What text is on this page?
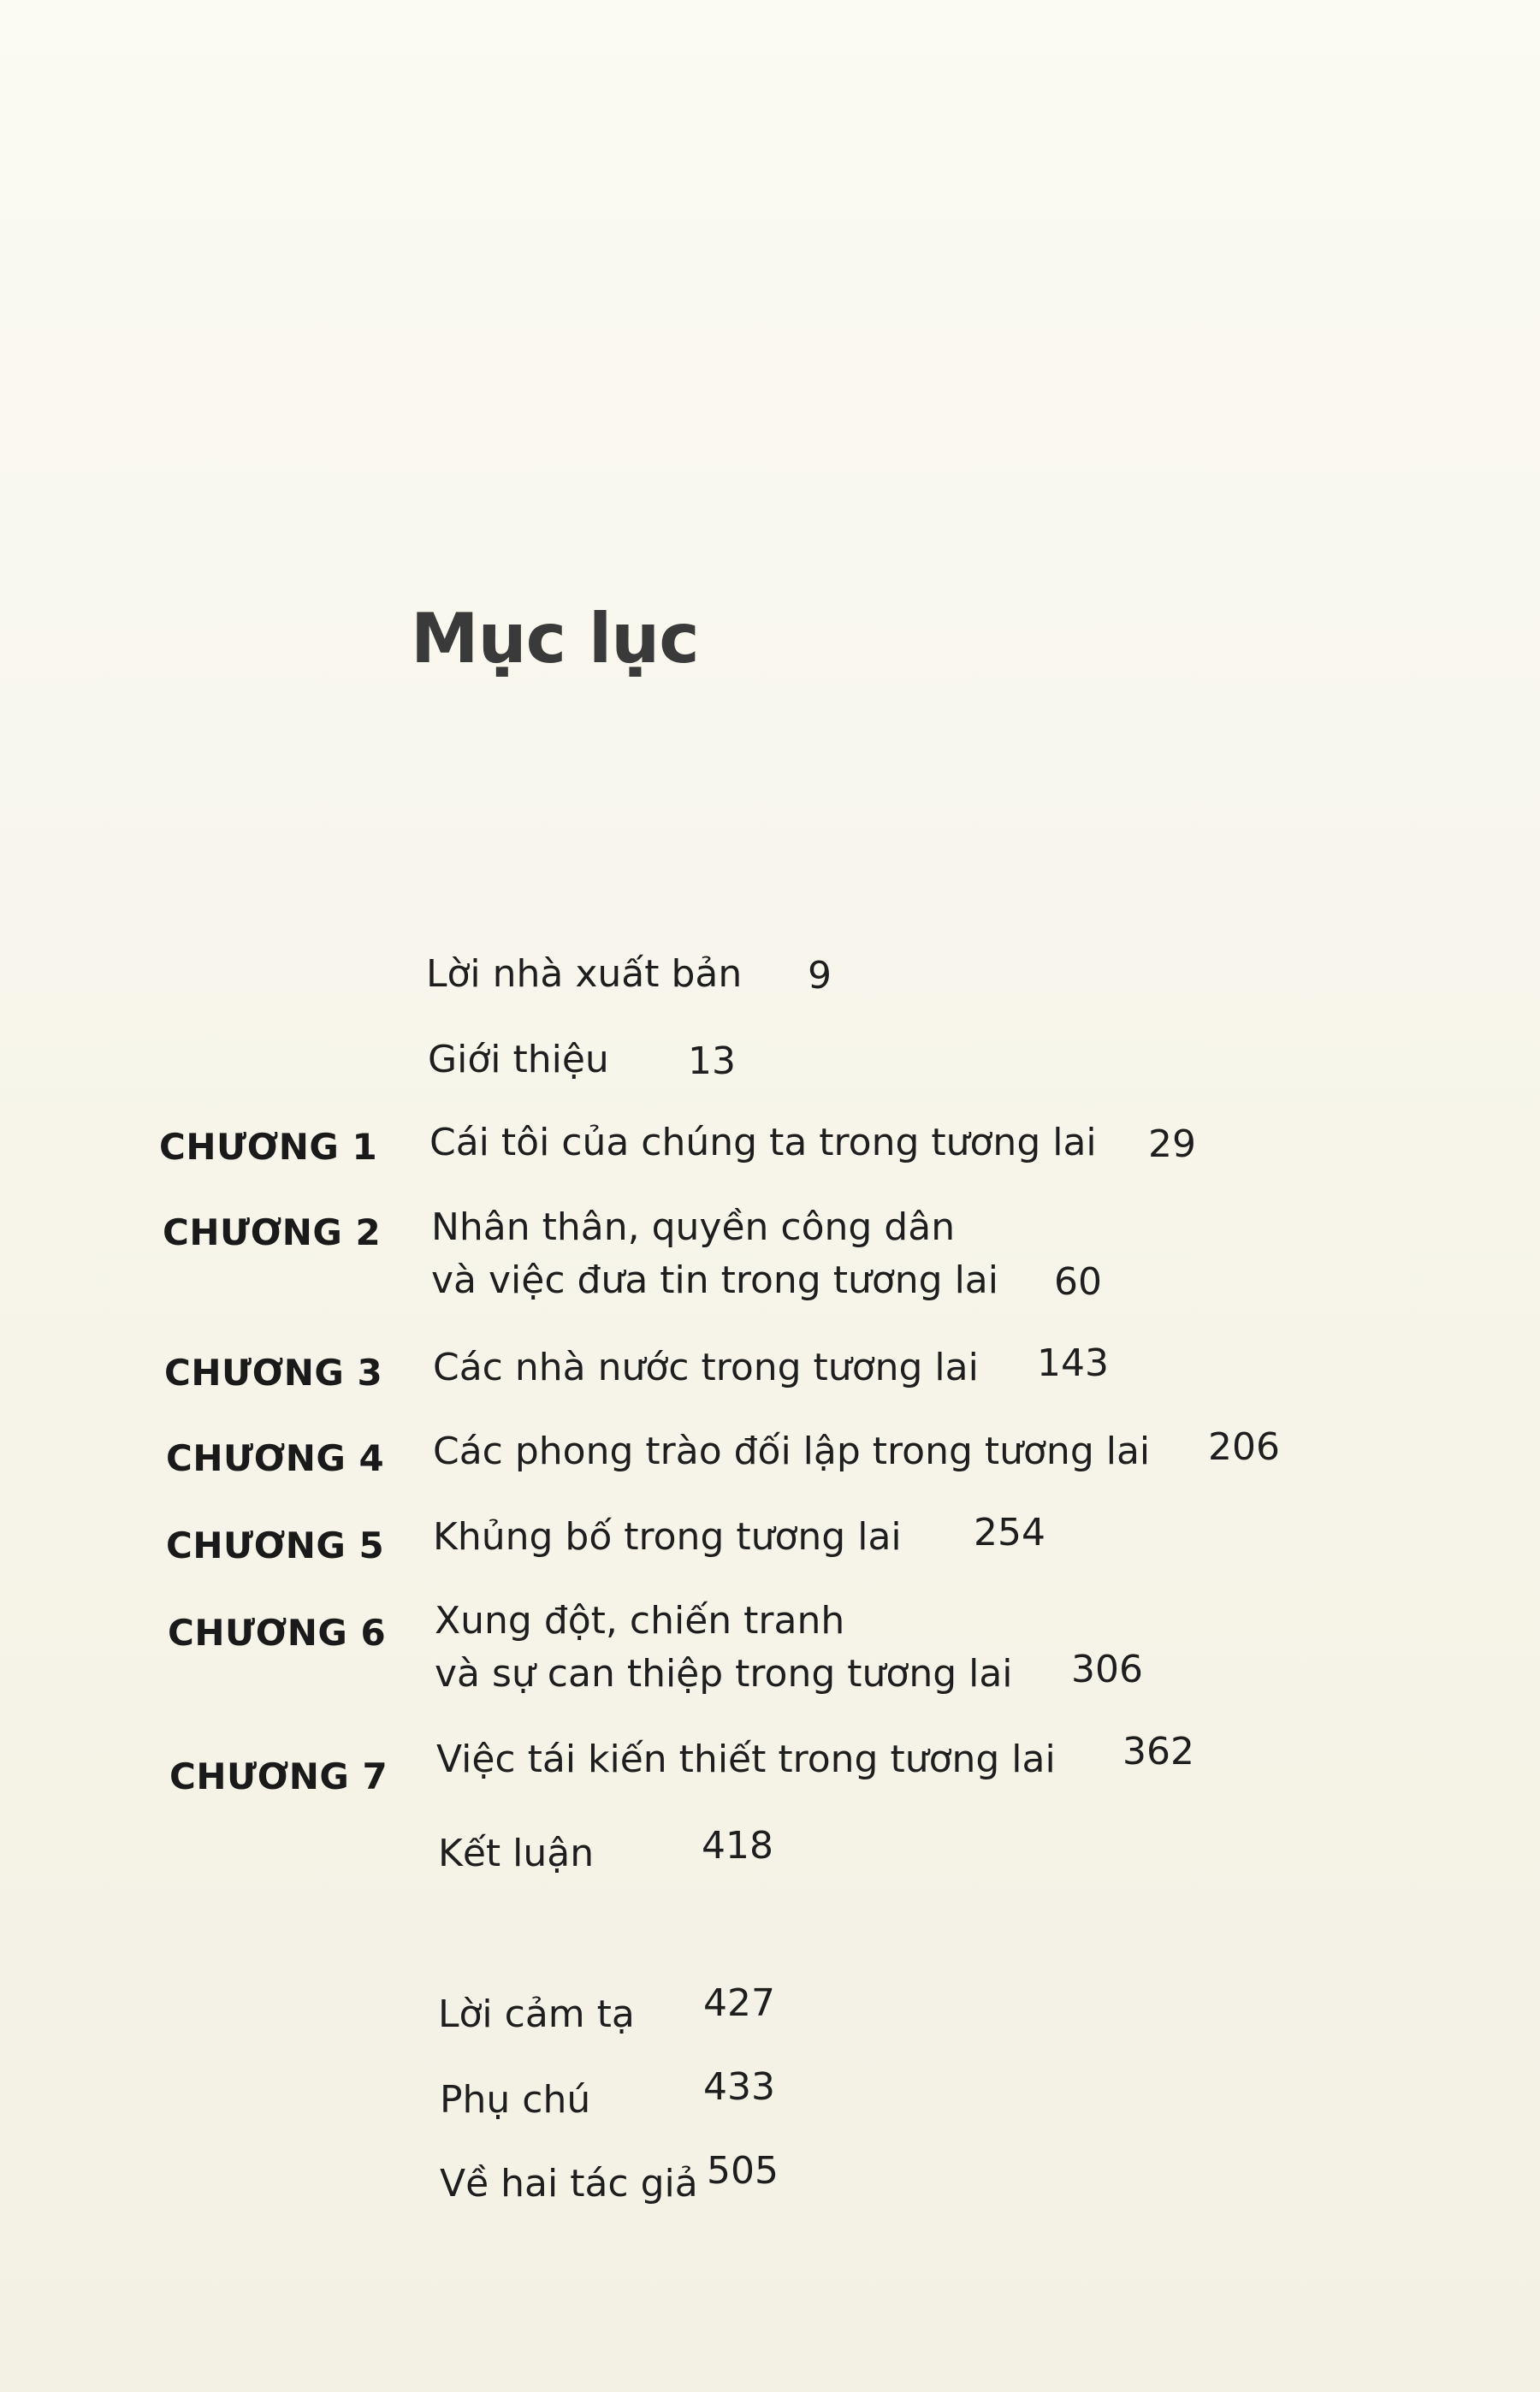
Mục lục
Lời nhà xuất bản 9
Giới thiệu 13
CHƯƠNG 1 Cái tôi của chúng ta trong tương lai 29
CHƯƠNG 2 Nhân thân, quyền công dân
và việc đưa tin trong tương lai 60
CHƯƠNG 3 Các nhà nước trong tương lai 143
CHƯƠNG 4 Các phong trào đối lập trong tương lai 206
CHƯƠNG 5 Khủng bố trong tương lai 254
CHƯƠNG 6 Xung đột, chiến tranh
và sự can thiệp trong tương lai 306
CHƯƠNG 7 Việc tái kiến thiết trong tương lai 362
Kết luận	418
Lời cảm tạ 427
Phụ chú	433
Về hai tác giả 505
